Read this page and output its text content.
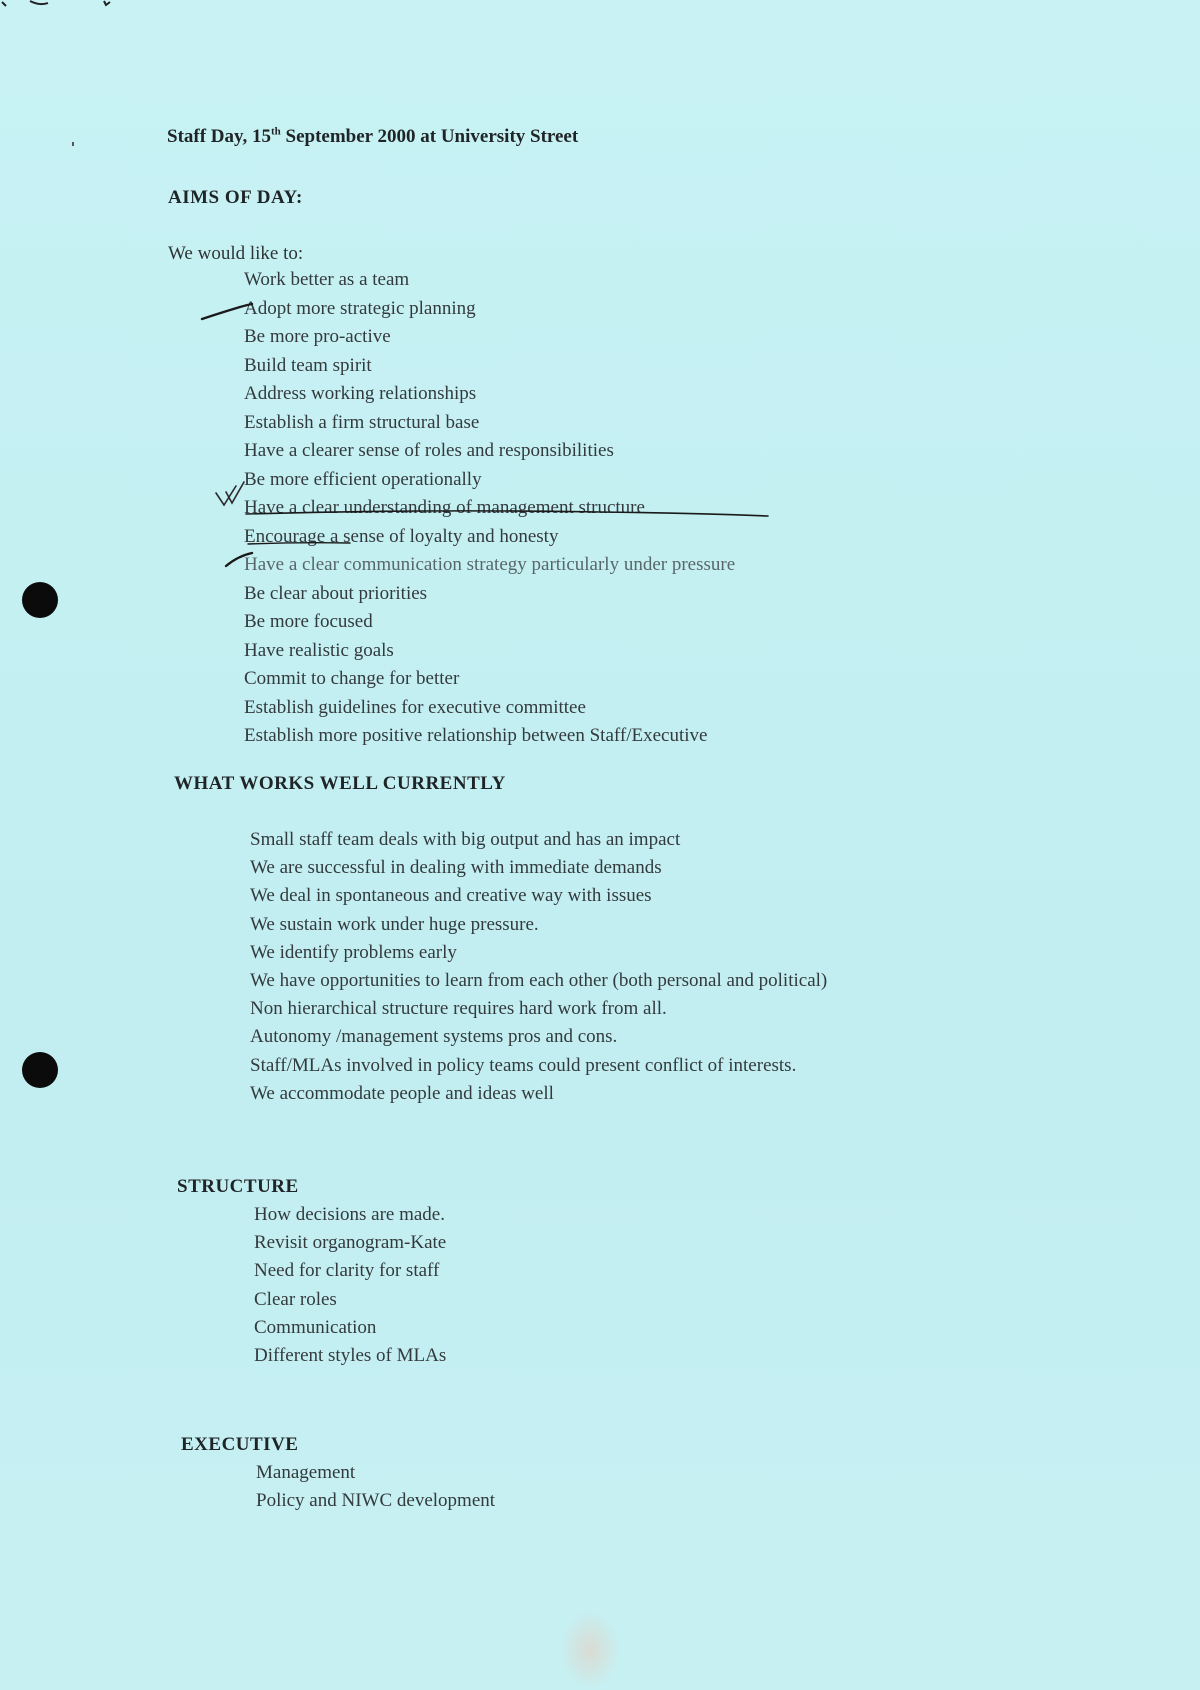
Staff Day, 15th September 2000 at University Street
AIMS OF DAY:
We would like to:
Work better as a team
Adopt more strategic planning
Be more pro-active
Build team spirit
Address working relationships
Establish a firm structural base
Have a clearer sense of roles and responsibilities
Be more efficient operationally
Have a clear understanding of management structure
Encourage a sense of loyalty and honesty
Have a clear communication strategy particularly under pressure
Be clear about priorities
Be more focused
Have realistic goals
Commit to change for better
Establish guidelines for executive committee
Establish more positive relationship between Staff/Executive
WHAT WORKS WELL CURRENTLY
Small staff team deals with big output and has an impact
We are successful in dealing with immediate demands
We deal in spontaneous and creative way with issues
We sustain work under huge pressure.
We identify problems early
We have opportunities to learn from each other (both personal and political)
Non hierarchical structure requires hard work from all.
Autonomy /management systems pros and cons.
Staff/MLAs involved in policy teams could present conflict of interests.
We accommodate people and ideas well
STRUCTURE
How decisions are made.
Revisit organogram-Kate
Need for clarity for staff
Clear roles
Communication
Different styles of MLAs
EXECUTIVE
Management
Policy and NIWC development
